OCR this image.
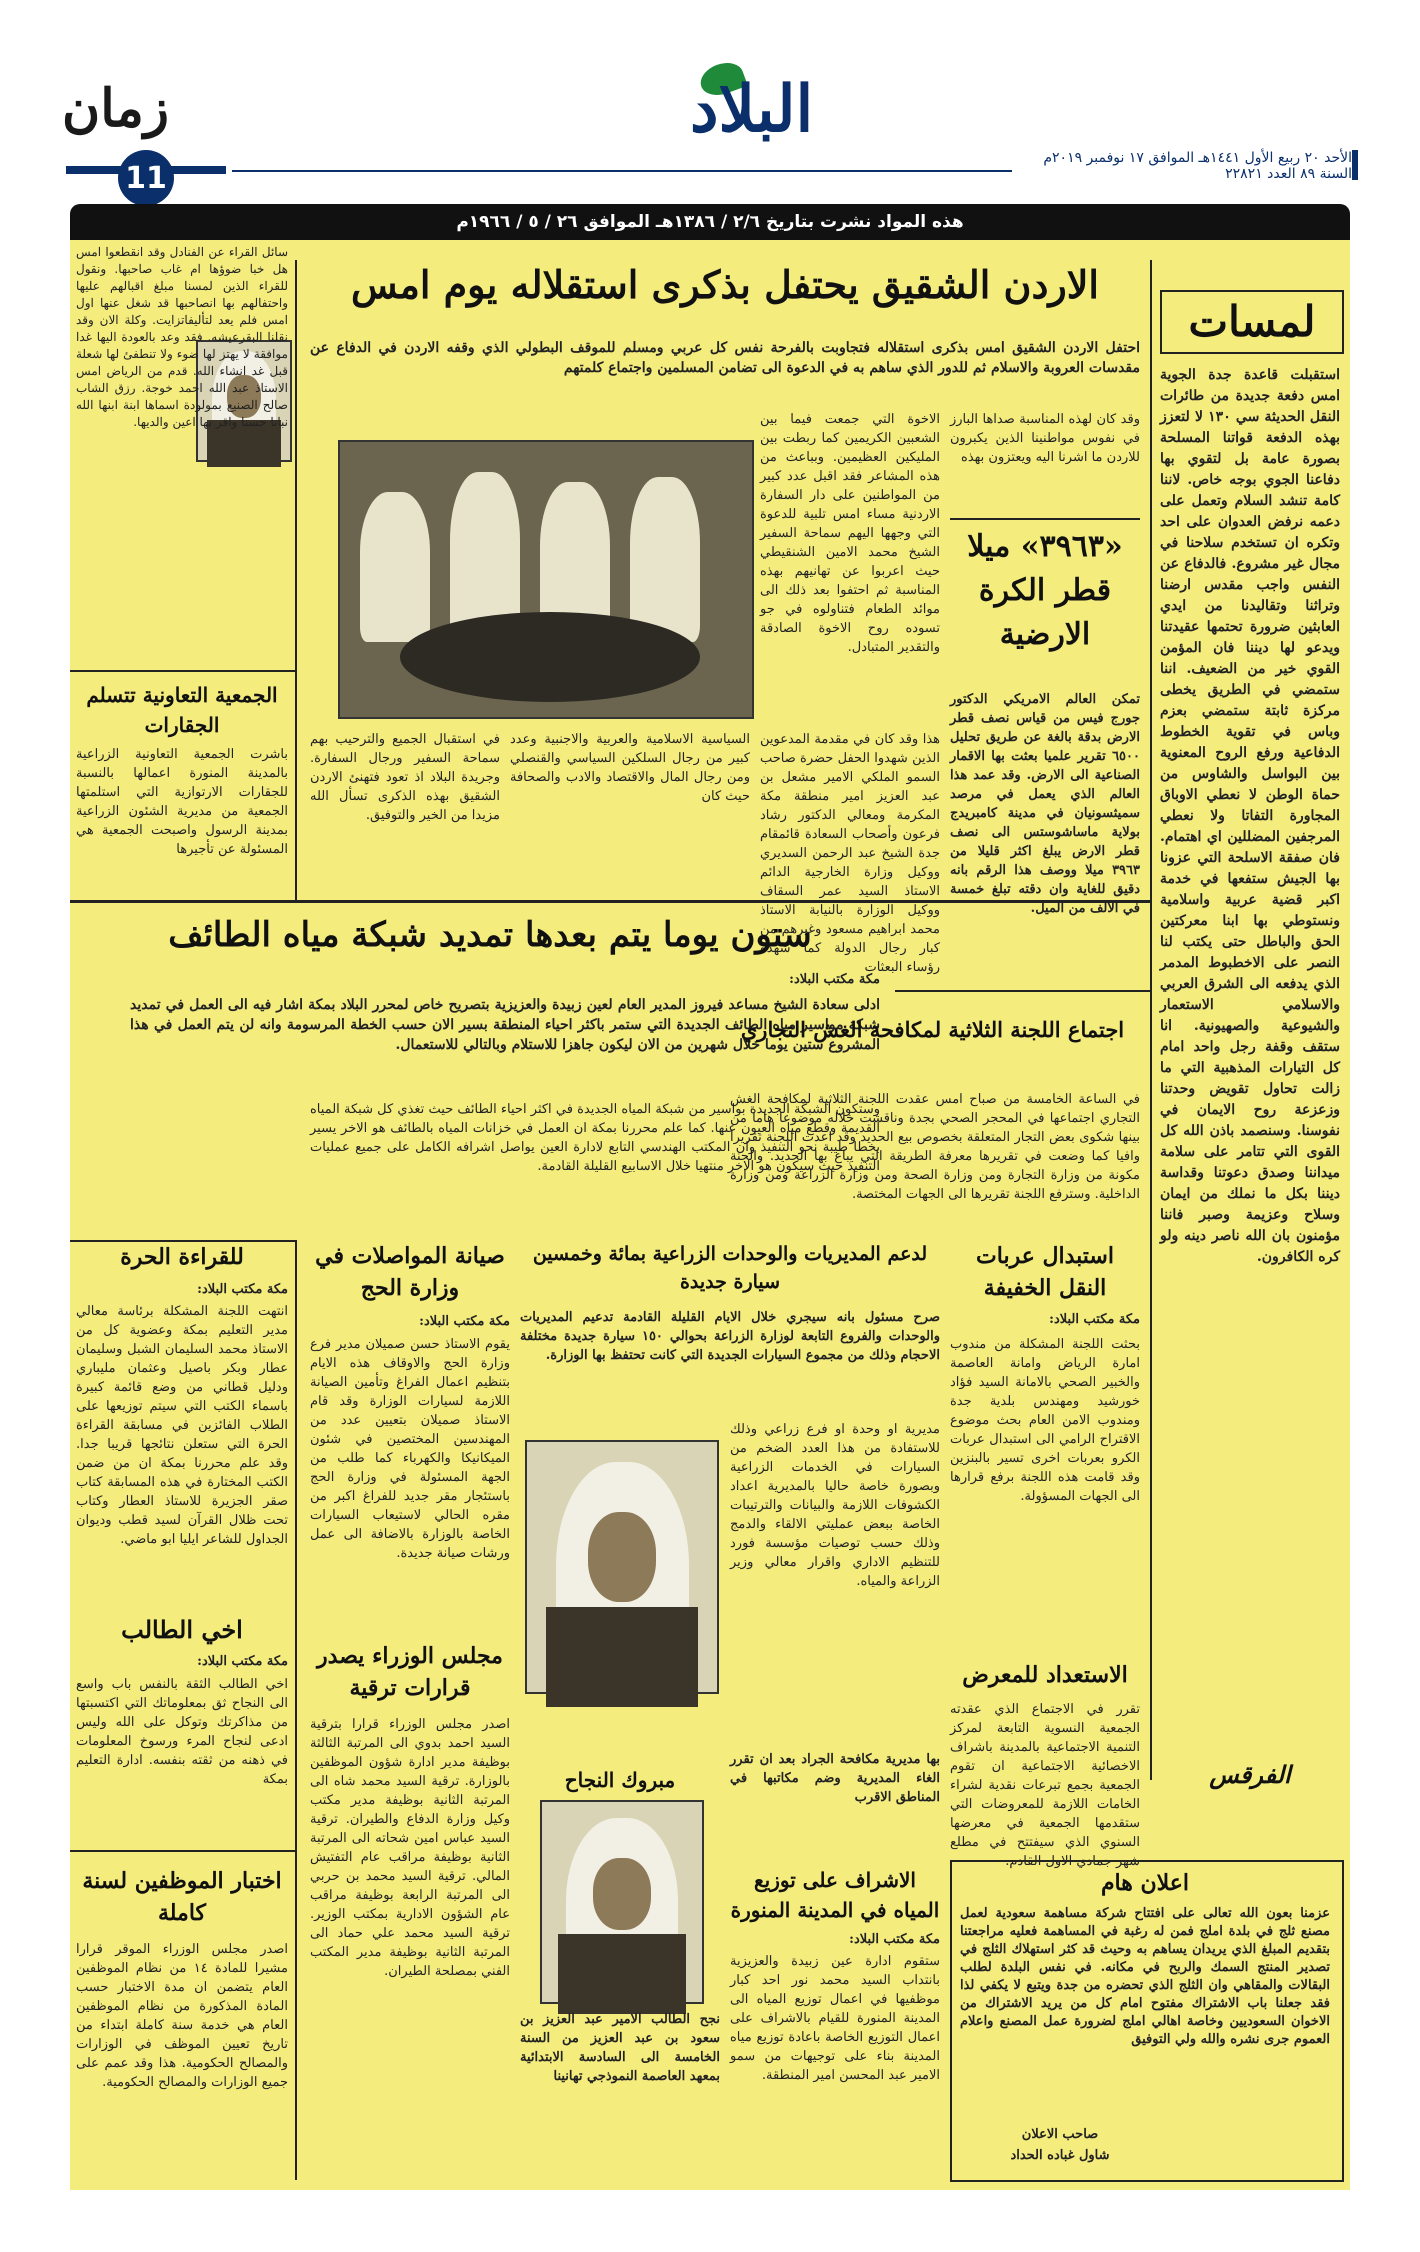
زمان
11
البلاد
الأحد ٢٠ ربيع الأول ١٤٤١هـ الموافق ١٧ نوفمبر ٢٠١٩م السنة ٨٩ العدد ٢٢٨٢١
هذه المواد نشرت بتاريخ ٢/٦ / ١٣٨٦هـ الموافق ٢٦ / ٥ / ١٩٦٦م
سائل القراء عن الفنادل وقد انقطعوا امس هل خبا ضوؤها ام غاب صاحبها. ونقول للقراء الذين لمسنا مبلغ اقبالهم عليها واحتفالهم بها انصاحبها قد شغل عنها اول امس فلم يعد لتأليفاتزايت. وكلة الان وقد نقلنا البقرعيشه. فقد وعد بالعودة اليها غدا موافقة لا يهتز لها ضوء ولا تنطفئ لها شعلة قبل غد انشاء الله. قدم من الرياض امس الاستاذ عبد الله احمد خوجة. رزق الشاب صالح الصنيع بمولودة اسماها ابنة ابنها الله نباتا حسنا واقر بها اعين والديها.
الجمعية التعاونية تتسلم الجقارات
باشرت الجمعية التعاونية الزراعية بالمدينة المنورة اعمالها بالنسبة للجقارات الارتوازية التي استلمتها الجمعية من مديرية الشئون الزراعية بمدينة الرسول واصبحت الجمعية هي المسئولة عن تأجيرها
الاردن الشقيق يحتفل بذكرى استقلاله يوم امس
احتفل الاردن الشقيق امس بذكرى استقلاله فتجاوبت بالفرحة نفس كل عربي ومسلم للموقف البطولي الذي وقفه الاردن في الدفاع عن مقدسات العروبة والاسلام ثم للدور الذي ساهم به في الدعوة الى تضامن المسلمين واجتماع كلمتهم
وقد كان لهذه المناسبة صداها البارز في نفوس مواطنينا الذين يكبرون للاردن ما اشرنا اليه ويعتزون بهذه
الاخوة التي جمعت فيما بين الشعبين الكريمين كما ربطت بين المليكين العظيمين. وبباعث من هذه المشاعر فقد اقبل عدد كبير من المواطنين على دار السفارة الاردنية مساء امس تلبية للدعوة التي وجهها اليهم سماحة السفير الشيخ محمد الامين الشنقيطي حيث اعربوا عن تهانيهم بهذه المناسبة ثم احتفوا بعد ذلك الى موائد الطعام فتناولوه في جو تسوده روح الاخوة الصادقة والتقدير المتبادل.
هذا وقد كان في مقدمة المدعوين الذين شهدوا الحفل حضرة صاحب السمو الملكي الامير مشعل بن عبد العزيز امير منطقة مكة المكرمة ومعالي الدكتور رشاد فرعون وأصحاب السعادة قائمقام جدة الشيخ عبد الرحمن السديري ووكيل وزارة الخارجية الدائم الاستاذ السيد عمر السقاف ووكيل الوزارة بالنيابة الاستاذ محمد ابراهيم مسعود وغيرهم من كبار رجال الدولة كما شهده رؤساء البعثات
السياسية الاسلامية والعربية والاجنبية وعدد كبير من رجال السلكين السياسي والقنصلي ومن رجال المال والاقتصاد والادب والصحافة حيث كان
في استقبال الجميع والترحيب بهم سماحة السفير ورجال السفارة. وجريدة البلاد اذ تعود فتهنئ الاردن الشقيق بهذه الذكرى تسأل الله مزيدا من الخير والتوفيق.
«٣٩٦٣» ميلا قطر الكرة الارضية
تمكن العالم الامريكي الدكتور جورج فيس من قياس نصف قطر الارض بدقة بالغة عن طريق تحليل ٦٥٠٠ تقرير علميا بعثت بها الاقمار الصناعية الى الارض. وقد عمد هذا العالم الذي يعمل في مرصد سميثسونيان في مدينة كامبريدج بولاية ماساشوستس الى نصف قطر الارض يبلغ اكثر قليلا من ٣٩٦٣ ميلا ووصف هذا الرقم بانه دقيق للغاية وان دقته تبلغ خمسة في الالف من الميل.
لمسات
استقبلت قاعدة جدة الجوية امس دفعة جديدة من طائرات النقل الحديثة سي ١٣٠ لا لتعزز بهذه الدفعة قواتنا المسلحة بصورة عامة بل لتقوي بها دفاعنا الجوي بوجه خاص. لاننا كامة تنشد السلام وتعمل على دعمه نرفض العدوان على احد وتكره ان تستخدم سلاحنا في مجال غير مشروع. فالدفاع عن النفس واجب مقدس ارضنا وتراثنا وتقاليدنا من ايدي العابثين ضرورة تحتمها عقيدتنا ويدعو لها ديننا فان المؤمن القوي خير من الضعيف. اننا ستمضي في الطريق يخطى مركزة ثابتة ستمضي بعزم وباس في تقوية الخطوط الدفاعية ورفع الروح المعنوية بين البواسل والشاوس من حماة الوطن لا نعطي الاوباق المجاورة التفاتا ولا نعطي المرجفين المضللين اي اهتمام. فان صفقة الاسلحة التي عزونا بها الجيش ستفعها في خدمة اكبر قضية عربية واسلامية ونستوطي بها ابنا معركتين الحق والباطل حتى يكتب لنا النصر على الاخطبوط المدمر الذي يدفعه الى الشرق العربي والاسلامي الاستعمار والشيوعية والصهيونية. انا ستقف وقفة رجل واحد امام كل التيارات المذهبية التي ما زالت تحاول تقويض وحدتنا وزعزعة روح الايمان في نفوسنا. وسنصمد باذن الله كل القوى التي تتامر على سلامة ميداننا وصدق دعوتنا وقداسة ديننا بكل ما نملك من ايمان وسلاح وعزيمة وصبر فاننا مؤمنون بان الله ناصر دينه ولو كره الكافرون.
الفرقس
ستون يوما يتم بعدها تمديد شبكة مياه الطائف
مكة مكتب البلاد:
ادلى سعادة الشيخ مساعد فيروز المدير العام لعين زبيدة والعزيزية بتصريح خاص لمحرر البلاد بمكة اشار فيه الى العمل في تمديد شبكة مواسير مياه الطائف الجديدة التي ستمر باكثر احياء المنطقة بسير الان حسب الخطة المرسومة وانه لن يتم العمل في هذا المشروع ستين يوما خلال شهرين من الان ليكون جاهزا للاستلام وبالتالي للاستعمال.
وستكون الشبكة الجديدة بواسير من شبكة المياه الجديدة في اكثر احياء الطائف حيث تغذي كل شبكة المياه القديمة وقطع مياه العيون عنها. كما علم محررنا بمكة ان العمل في خزانات المياه بالطائف هو الاخر يسير بخطا طيبة نحو التنفيذ وان المكتب الهندسي التابع لادارة العين يواصل اشرافه الكامل على جميع عمليات التنفيذ حيث سيكون هو الاخر منتهيا خلال الاسابيع القليلة القادمة.
اجتماع اللجنة الثلاثية لمكافحة الغش التجاري
في الساعة الخامسة من صباح امس عقدت اللجنة الثلاثية لمكافحة الغش التجاري اجتماعها في المحجر الصحي بجدة وناقشت خلاله موضوعا هاما من بينها شكوى بعض التجار المتعلقة بخصوص بيع الحديد وقد اعدت اللجنة تقريرا وافيا كما وضعت في تقريرها معرفة الطريقة التي يباع بها الحديد. والجنة مكونة من وزارة التجارة ومن وزارة الصحة ومن وزارة الزراعة ومن وزارة الداخلية. وسترفع اللجنة تقريرها الى الجهات المختصة.
استبدال عربات النقل الخفيفة
مكة مكتب البلاد:
بحثت اللجنة المشكلة من مندوب امارة الرياض وامانة العاصمة والخبير الصحي بالامانة السيد فؤاد خورشيد ومهندس بلدية جدة ومندوب الامن العام بحث موضوع الاقتراح الرامي الى استبدال عربات الكرو بعربات اخرى تسير بالبنزين وقد قامت هذه اللجنة برفع قرارها الى الجهات المسؤولة.
الاستعداد للمعرض
تقرر في الاجتماع الذي عقدته الجمعية النسوية التابعة لمركز التنمية الاجتماعية بالمدينة باشراف الاخصائية الاجتماعية ان تقوم الجمعية بجمع تبرعات نقدية لشراء الخامات اللازمة للمعروضات التي ستقدمها الجمعية في معرضها السنوي الذي سيفتتح في مطلع شهر جمادي الاول القادم.
للقراءة الحرة
مكة مكتب البلاد:
انتهت اللجنة المشكلة برئاسة معالي مدير التعليم بمكة وعضوية كل من الاستاذ محمد السليمان الشبل وسليمان عطار وبكر باصيل وعثمان مليباري ودليل قطاني من وضع قائمة كبيرة باسماء الكتب التي سيتم توزيعها على الطلاب الفائزين في مسابقة القراءة الحرة التي ستعلن نتائجها قريبا جدا. وقد علم محررنا بمكة ان من ضمن الكتب المختارة في هذه المسابقة كتاب صقر الجزيرة للاستاذ العطار وكتاب تحت ظلال القرآن لسيد قطب وديوان الجداول للشاعر ايليا ابو ماضي.
اخي الطالب
مكة مكتب البلاد:
اخي الطالب الثقة بالنفس باب واسع الى النجاح ثق بمعلوماتك التي اكتسبتها من مذاكرتك وتوكل على الله وليس ادعى لنجاح المرء ورسوخ المعلومات في ذهنه من ثقته بنفسه. ادارة التعليم بمكة
اختبار الموظفين لسنة كاملة
اصدر مجلس الوزراء الموقر قرارا مشيرا للمادة ١٤ من نظام الموظفين العام يتضمن ان مدة الاختبار حسب المادة المذكورة من نظام الموظفين العام هي خدمة سنة كاملة ابتداء من تاريخ تعيين الموظف في الوزارات والمصالح الحكومية. هذا وقد عمم على جميع الوزارات والمصالح الحكومية.
صيانة المواصلات في وزارة الحج
مكة مكتب البلاد:
يقوم الاستاذ حسن صميلان مدير فرع وزارة الحج والاوقاف هذه الايام بتنظيم اعمال الفراغ وتأمين الصيانة اللازمة لسيارات الوزارة وقد قام الاستاذ صميلان بتعيين عدد من المهندسين المختصين في شئون الميكانيكا والكهرباء كما طلب من الجهة المسئولة في وزارة الحج باستئجار مقر جديد للفراغ اكبر من مقره الحالي لاستيعاب السيارات الخاصة بالوزارة بالاضافة الى عمل ورشات صيانة جديدة.
مجلس الوزراء يصدر قرارات ترقية
اصدر مجلس الوزراء قرارا بترقية السيد احمد بدوي الى المرتبة الثالثة بوظيفة مدير ادارة شؤون الموظفين بالوزارة. ترقية السيد محمد شاه الى المرتبة الثانية بوظيفة مدير مكتب وكيل وزارة الدفاع والطيران. ترقية السيد عباس امين شحاته الى المرتبة الثانية بوظيفة مراقب عام التفتيش المالي. ترقية السيد محمد بن حربي الى المرتبة الرابعة بوظيفة مراقب عام الشؤون الادارية بمكتب الوزير. ترقية السيد محمد علي حماد الى المرتبة الثانية بوظيفة مدير المكتب الفني بمصلحة الطيران.
لدعم المديريات والوحدات الزراعية بمائة وخمسين سيارة جديدة
صرح مسئول بانه سيجري خلال الايام القليلة القادمة تدعيم المديريات والوحدات والفروع التابعة لوزارة الزراعة بحوالي ١٥٠ سيارة جديدة مختلفة الاحجام وذلك من مجموع السيارات الجديدة التي كانت تحتفظ بها الوزارة.
مديرية او وحدة او فرع زراعي وذلك للاستفادة من هذا العدد الضخم من السيارات في الخدمات الزراعية وبصورة خاصة حاليا بالمديرية اعداد الكشوفات اللازمة والبيانات والترتيبات الخاصة ببعض عمليتي الالقاء والدمج وذلك حسب توصيات مؤسسة فورد للتنظيم الاداري واقرار معالي وزير الزراعة والمياه.
بها مديرية مكافحة الجراد بعد ان تقرر الغاء المديرية وضم مكاتبها في المناطق الاقرب
مبروك النجاح
نجح الطالب الامير عبد العزيز بن سعود بن عبد العزيز من السنة الخامسة الى السادسة الابتدائية بمعهد العاصمة النموذجي تهانينا
الاشراف على توزيع المياه في المدينة المنورة
مكة مكتب البلاد:
ستقوم ادارة عين زبيدة والعزيزية بانتداب السيد محمد نور احد كبار موظفيها في اعمال توزيع المياه الى المدينة المنورة للقيام بالاشراف على اعمال التوزيع الخاصة باعادة توزيع مياه المدينة بناء على توجيهات من سمو الامير عبد المحسن امير المنطقة.
اعلان هام
عزمنا بعون الله تعالى على افتتاح شركة مساهمة سعودية لعمل مصنع ثلج في بلدة املج فمن له رغبة في المساهمة فعليه مراجعتنا بتقديم المبلغ الذي يريدان يساهم به وحيث قد كثر استهلاك الثلج في تصدير المنتج السمك والربح في مكانه. في نفس البلدة لطلب البقالات والمقاهي وان الثلج الذي تحضره من جدة ويتبع لا يكفي لذا فقد جعلنا باب الاشتراك مفتوح امام كل من يريد الاشتراك من الاخوان السعوديين وخاصة اهالي املج لضرورة عمل المصنع واعلام العموم جرى نشره والله ولي التوفيق
صاحب الاعلان
شاول غباده الحداد
